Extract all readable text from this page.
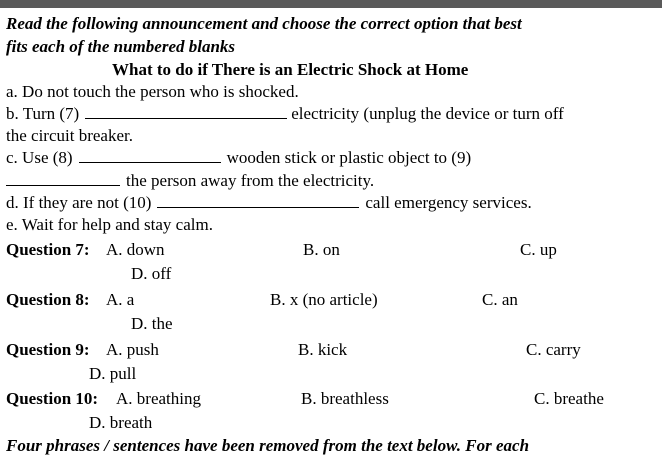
Read the following announcement and choose the correct option that best
fits each of the numbered blanks
What to do if There is an Electric Shock at Home
a. Do not touch the person who is shocked.
b. Turn (7)	electricity (unplug the device or turn off
the circuit breaker.
c. Use (8)	wooden stick or plastic object to (9)
the person away from the electricity.
d. If they are not (10)	call emergency services.
e. Wait for help and stay calm.
Question 7: A. down	B. on	C. up
D. off
Question 8: A. a	B. x (no article)	C. an
D. the
Question 9: A. push	B. kick	C. carry
D. pull
Question 10: A. breathing	B. breathless	C. breathe
D. breath
Four phrases / sentences have been removed from the text below. For each
